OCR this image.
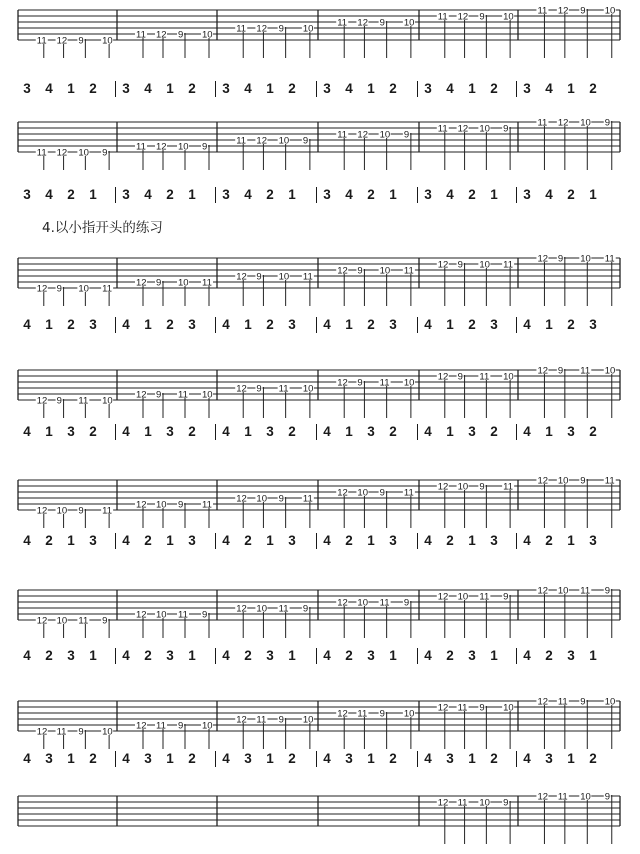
4.以小指开头的练习
11 12 9 10
11 12 9 10
11 12 9 10
11 12 9 10
11 12 9 10
11 12 9 10
3 4 1 2 3 4 1 2 3 4 1 2 3 4 1 2 3 4 1 2 3 4 1 2
11 12 10 9
11 12 10 9
11 12 10 9
11 12 10 9
11 12 10 9
11 12 10 9
3 4 2 1 3 4 2 1 3 4 2 1 3 4 2 1 3 4 2 1 3 4 2 1
12 9 10 11
12 9 10 11
12 9 10 11
12 9 10 11
12 9 10 11
12 9 10 11
4 1 2 3 4 1 2 3 4 1 2 3 4 1 2 3 4 1 2 3 4 1 2 3
12 9 11 10
12 9 11 10
12 9 11 10
12 9 11 10
12 9 11 10
12 9 11 10
4 1 3 2 4 1 3 2 4 1 3 2 4 1 3 2 4 1 3 2 4 1 3 2
12 10 9 11
12 10 9 11
12 10 9 11
12 10 9 11
12 10 9 11
12 10 9 11
4 2 1 3 4 2 1 3 4 2 1 3 4 2 1 3 4 2 1 3 4 2 1 3
12 10 11 9
12 10 11 9
12 10 11 9
12 10 11 9
12 10 11 9
12 10 11 9
4 2 3 1 4 2 3 1 4 2 3 1 4 2 3 1 4 2 3 1 4 2 3 1
12 11 9 10
12 11 9 10
12 11 9 10
12 11 9 10
12 11 9 10
12 11 9 10
4 3 1 2 4 3 1 2 4 3 1 2 4 3 1 2 4 3 1 2 4 3 1 2
12 11 10 9
12 11 10 9
